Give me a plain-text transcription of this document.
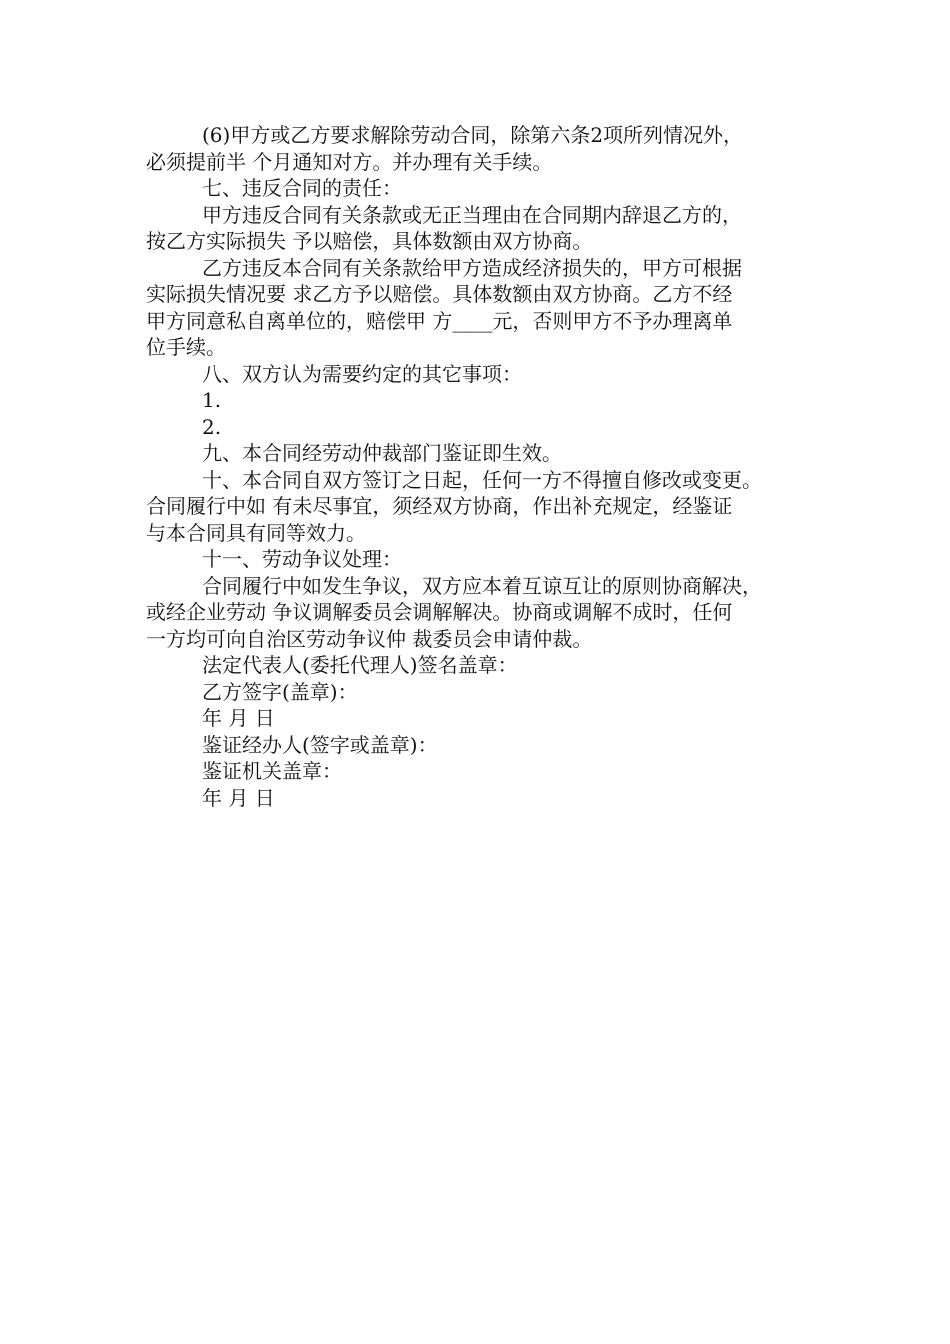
(6)甲方或乙方要求解除劳动合同，除第六条2项所列情况外，
必须提前半 个月通知对方。并办理有关手续。
七、违反合同的责任：
甲方违反合同有关条款或无正当理由在合同期内辞退乙方的，
按乙方实际损失 予以赔偿，具体数额由双方协商。
乙方违反本合同有关条款给甲方造成经济损失的，甲方可根据
实际损失情况要 求乙方予以赔偿。具体数额由双方协商。乙方不经
甲方同意私自离单位的，赔偿甲 方____元，否则甲方不予办理离单
位手续。
八、双方认为需要约定的其它事项：
1.
2.
九、本合同经劳动仲裁部门鉴证即生效。
十、本合同自双方签订之日起，任何一方不得擅自修改或变更。
合同履行中如 有未尽事宜，须经双方协商，作出补充规定，经鉴证
与本合同具有同等效力。
十一、劳动争议处理：
合同履行中如发生争议，双方应本着互谅互让的原则协商解决，
或经企业劳动 争议调解委员会调解解决。协商或调解不成时，任何
一方均可向自治区劳动争议仲 裁委员会申请仲裁。
法定代表人(委托代理人)签名盖章：
乙方签字(盖章)：
年 月 日
鉴证经办人(签字或盖章)：
鉴证机关盖章：
年 月 日
